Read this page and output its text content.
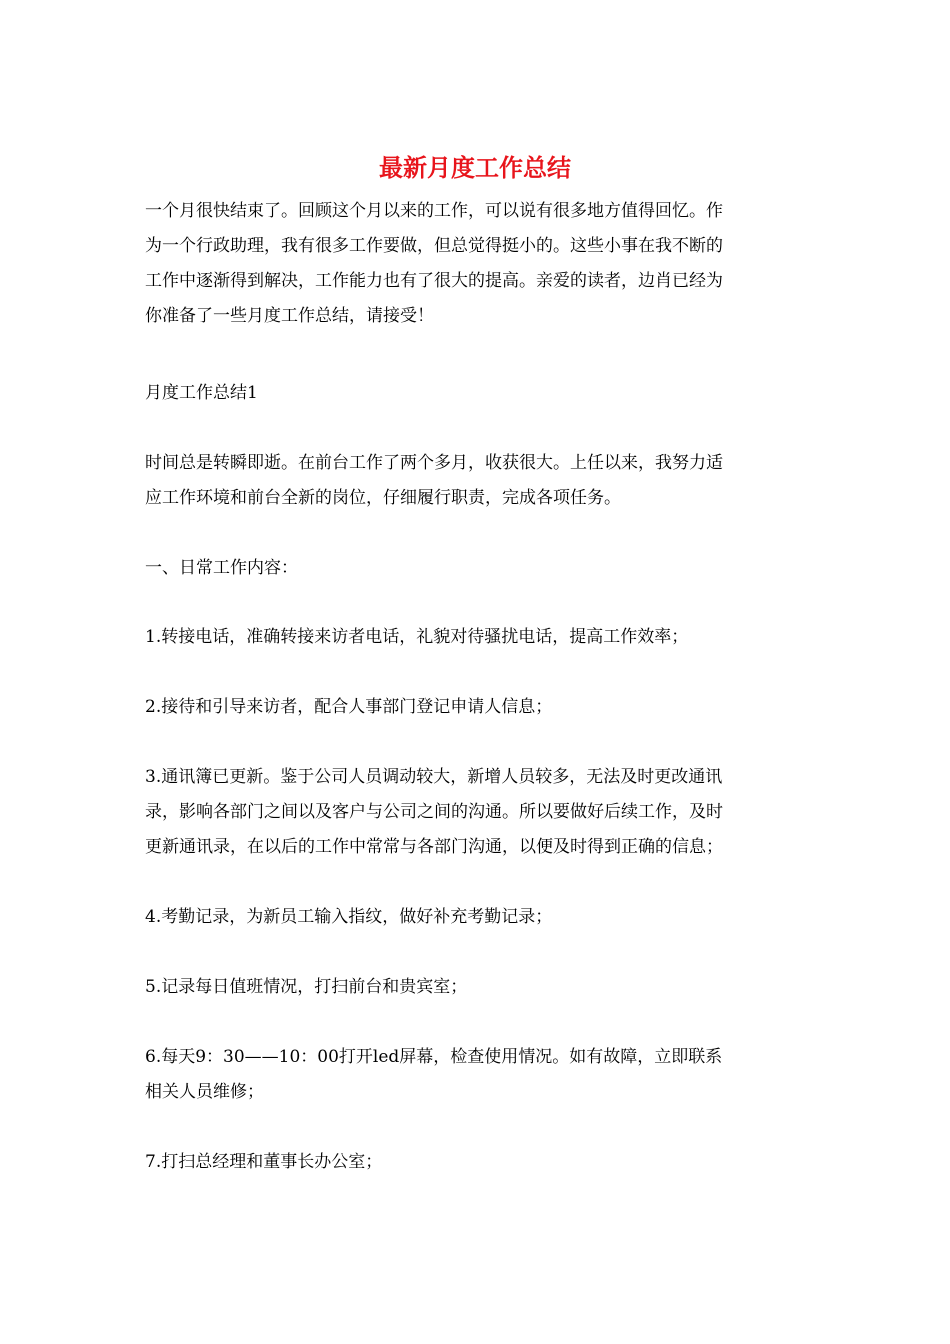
最新月度工作总结

一个月很快结束了。回顾这个月以来的工作，可以说有很多地方值得回忆。作
为一个行政助理，我有很多工作要做，但总觉得挺小的。这些小事在我不断的
工作中逐渐得到解决，工作能力也有了很大的提高。亲爱的读者，边肖已经为
你准备了一些月度工作总结，请接受！

月度工作总结1

时间总是转瞬即逝。在前台工作了两个多月，收获很大。上任以来，我努力适
应工作环境和前台全新的岗位，仔细履行职责，完成各项任务。

一、日常工作内容：

1.转接电话，准确转接来访者电话，礼貌对待骚扰电话，提高工作效率；

2.接待和引导来访者，配合人事部门登记申请人信息；

3.通讯簿已更新。鉴于公司人员调动较大，新增人员较多，无法及时更改通讯
录，影响各部门之间以及客户与公司之间的沟通。所以要做好后续工作，及时
更新通讯录，在以后的工作中常常与各部门沟通，以便及时得到正确的信息；

4.考勤记录，为新员工输入指纹，做好补充考勤记录；

5.记录每日值班情况，打扫前台和贵宾室；

6.每天9：30——10：00打开led屏幕，检查使用情况。如有故障，立即联系
相关人员维修；

7.打扫总经理和董事长办公室；
